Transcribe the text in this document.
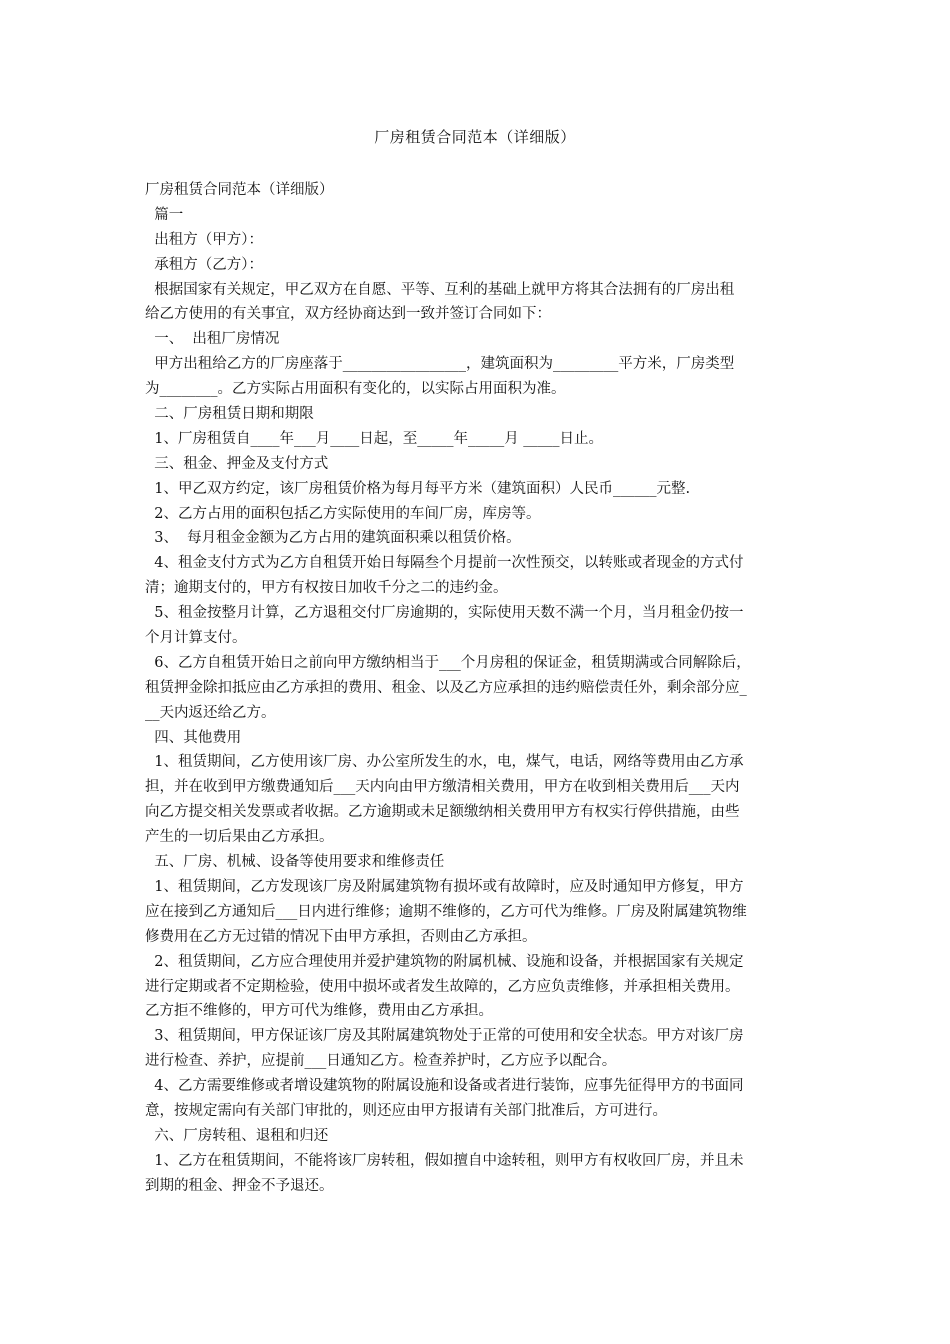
厂房租赁合同范本（详细版）
厂房租赁合同范本（详细版）
篇一
出租方（甲方）：
承租方（乙方）：
根据国家有关规定，甲乙双方在自愿、平等、互利的基础上就甲方将其合法拥有的厂房出租
给乙方使用的有关事宜，双方经协商达到一致并签订合同如下：
一、  出租厂房情况
甲方出租给乙方的厂房座落于_________________，建筑面积为_________平方米，厂房类型
为________。乙方实际占用面积有变化的，以实际占用面积为准。
二、厂房租赁日期和期限
1、厂房租赁自____年___月____日起，至_____年_____月 _____日止。
三、租金、押金及支付方式
1、甲乙双方约定，该厂房租赁价格为每月每平方米（建筑面积）人民币______元整.
2、乙方占用的面积包括乙方实际使用的车间厂房，库房等。
3、  每月租金金额为乙方占用的建筑面积乘以租赁价格。
4、租金支付方式为乙方自租赁开始日每隔叁个月提前一次性预交，以转账或者现金的方式付
清；逾期支付的，甲方有权按日加收千分之二的违约金。
5、租金按整月计算，乙方退租交付厂房逾期的，实际使用天数不满一个月，当月租金仍按一
个月计算支付。
6、乙方自租赁开始日之前向甲方缴纳相当于___个月房租的保证金，租赁期满或合同解除后，
租赁押金除扣抵应由乙方承担的费用、租金、以及乙方应承担的违约赔偿责任外，剩余部分应_
__天内返还给乙方。
四、其他费用
1、租赁期间，乙方使用该厂房、办公室所发生的水，电，煤气，电话，网络等费用由乙方承
担，并在收到甲方缴费通知后___天内向由甲方缴清相关费用，甲方在收到相关费用后___天内
向乙方提交相关发票或者收据。乙方逾期或未足额缴纳相关费用甲方有权实行停供措施，由些
产生的一切后果由乙方承担。
五、厂房、机械、设备等使用要求和维修责任
1、租赁期间，乙方发现该厂房及附属建筑物有损坏或有故障时，应及时通知甲方修复，甲方
应在接到乙方通知后___日内进行维修；逾期不维修的，乙方可代为维修。厂房及附属建筑物维
修费用在乙方无过错的情况下由甲方承担，否则由乙方承担。
2、租赁期间，乙方应合理使用并爱护建筑物的附属机械、设施和设备，并根据国家有关规定
进行定期或者不定期检验，使用中损坏或者发生故障的，乙方应负责维修，并承担相关费用。
乙方拒不维修的，甲方可代为维修，费用由乙方承担。
3、租赁期间，甲方保证该厂房及其附属建筑物处于正常的可使用和安全状态。甲方对该厂房
进行检查、养护，应提前___日通知乙方。检查养护时，乙方应予以配合。
4、乙方需要维修或者增设建筑物的附属设施和设备或者进行装饰，应事先征得甲方的书面同
意，按规定需向有关部门审批的，则还应由甲方报请有关部门批准后，方可进行。
六、厂房转租、退租和归还
1、乙方在租赁期间，不能将该厂房转租，假如擅自中途转租，则甲方有权收回厂房，并且未
到期的租金、押金不予退还。
